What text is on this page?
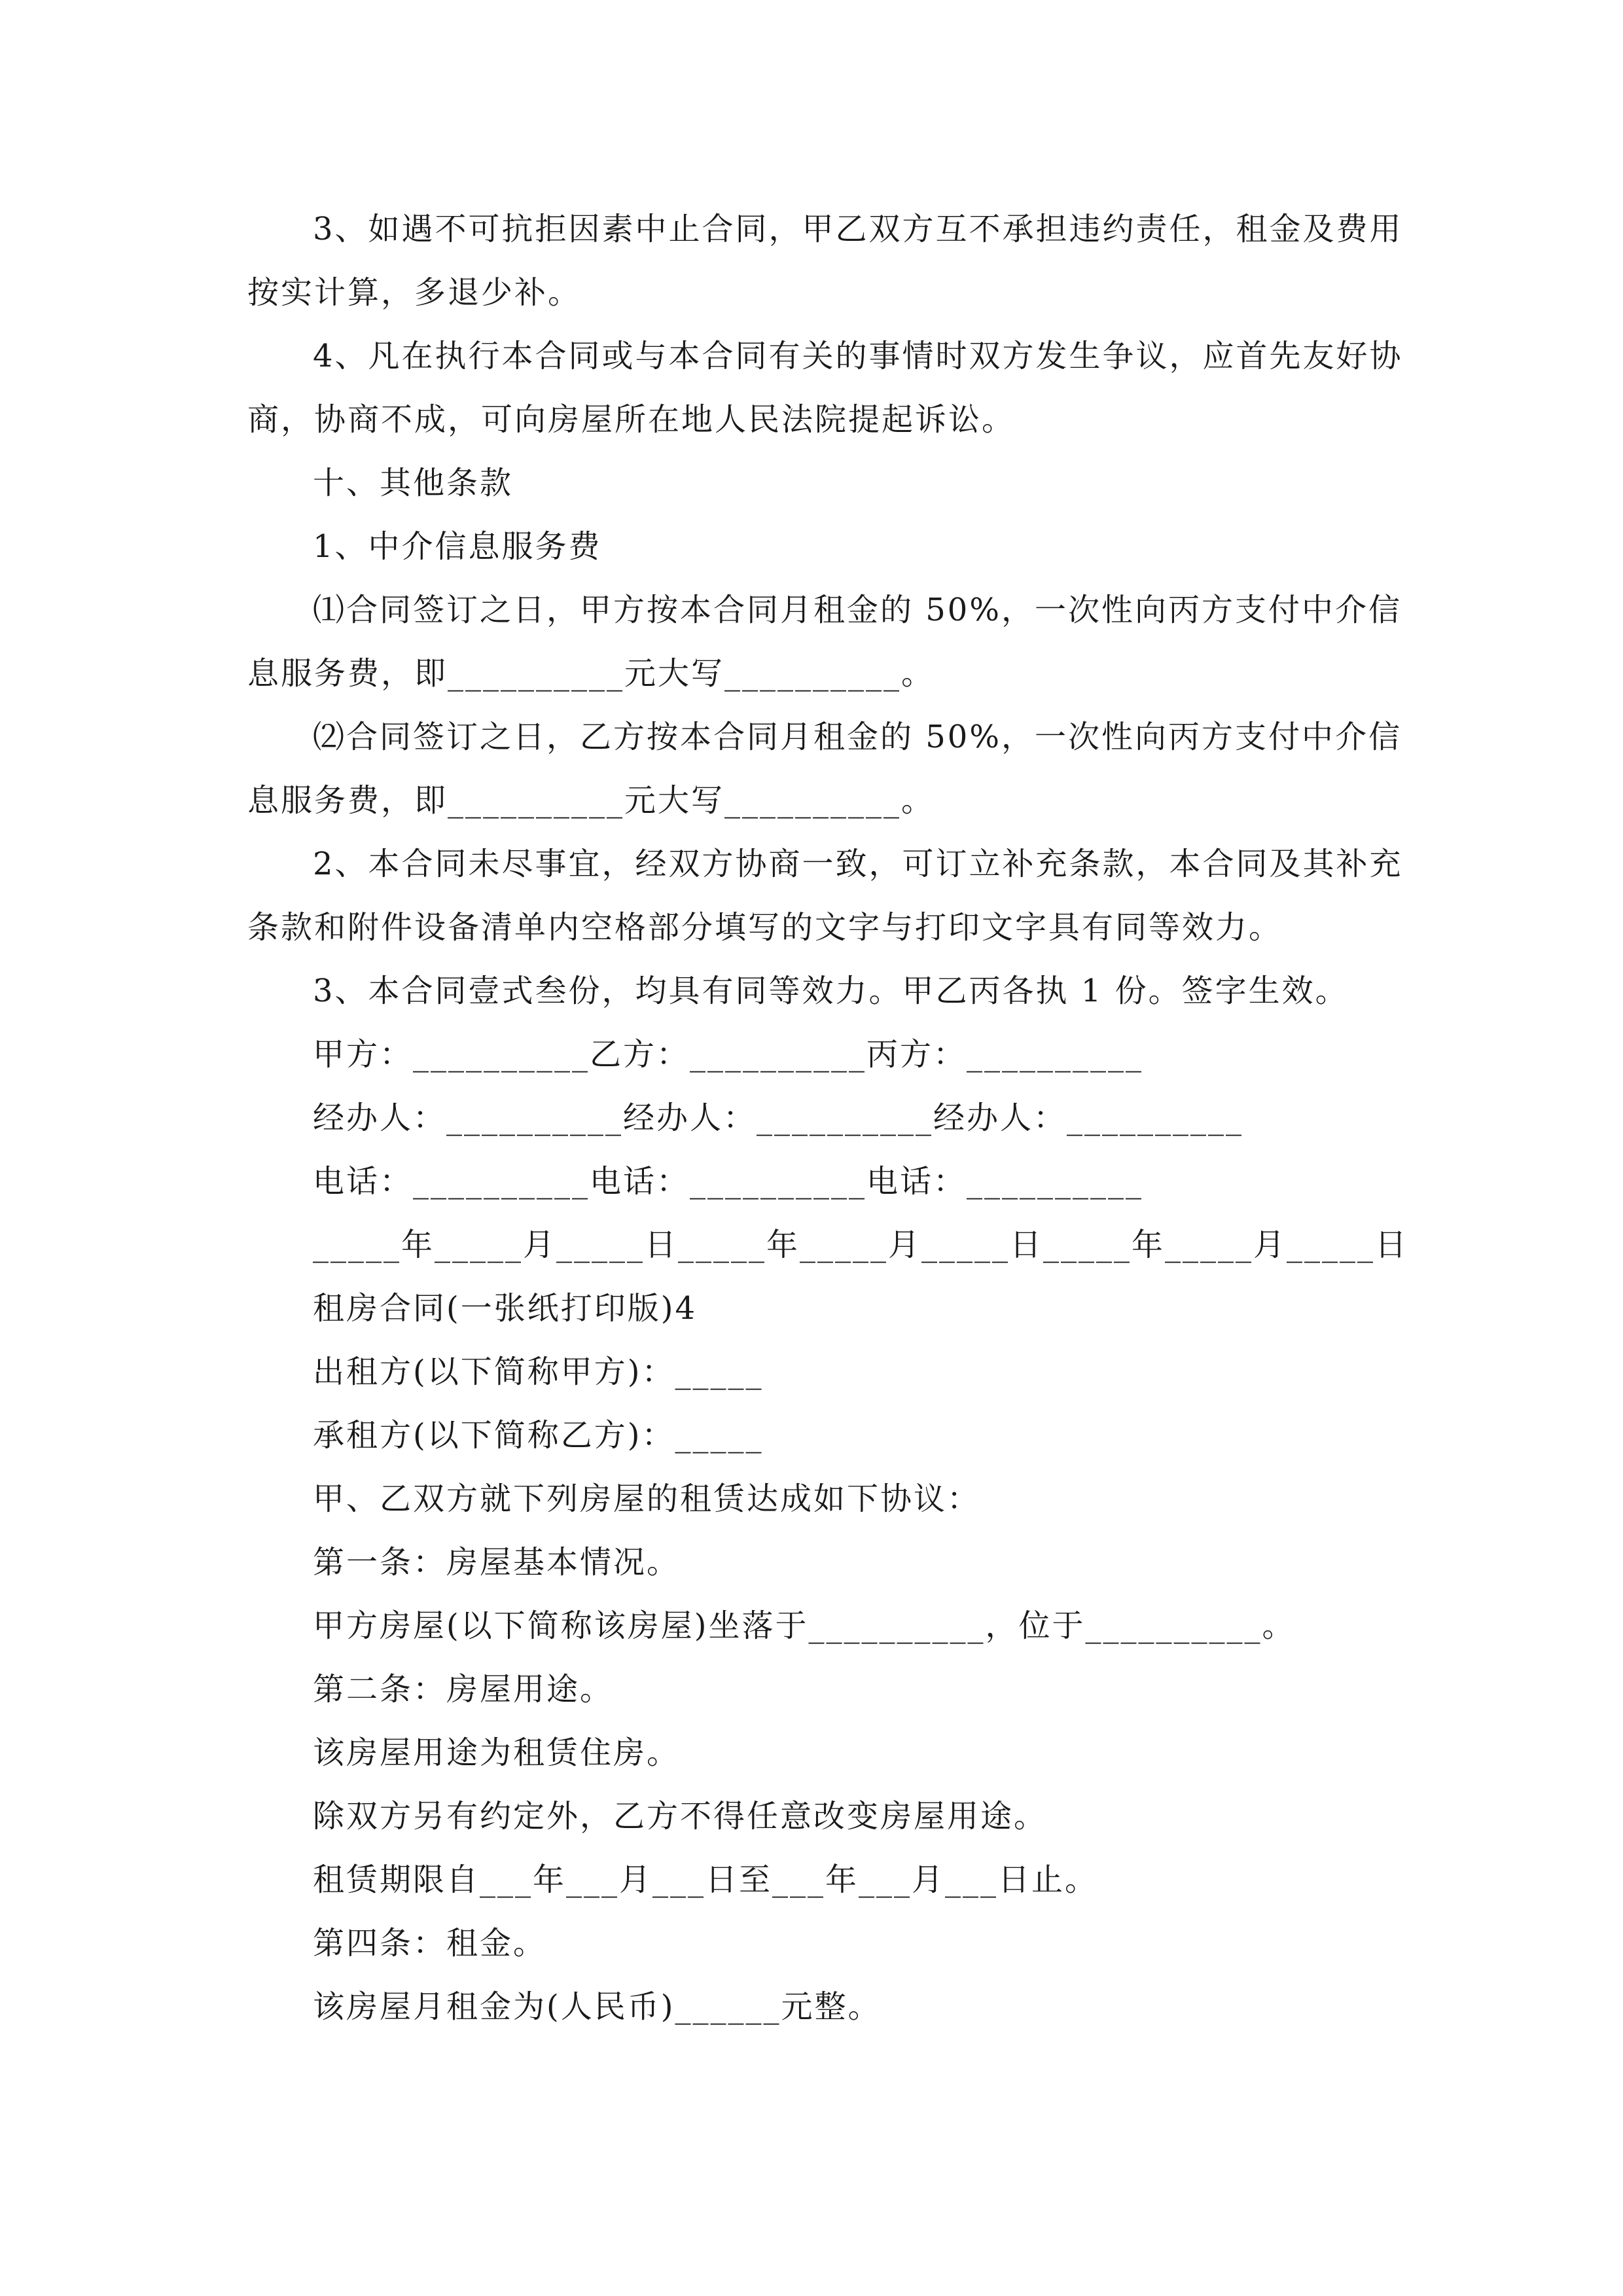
3、如遇不可抗拒因素中止合同，甲乙双方互不承担违约责任，租金及费用
按实计算，多退少补。
4、凡在执行本合同或与本合同有关的事情时双方发生争议，应首先友好协
商，协商不成，可向房屋所在地人民法院提起诉讼。
十、其他条款
1、中介信息服务费
⑴合同签订之日，甲方按本合同月租金的 50%，一次性向丙方支付中介信
息服务费，即__________元大写__________。
⑵合同签订之日，乙方按本合同月租金的 50%，一次性向丙方支付中介信
息服务费，即__________元大写__________。
2、本合同未尽事宜，经双方协商一致，可订立补充条款，本合同及其补充
条款和附件设备清单内空格部分填写的文字与打印文字具有同等效力。
3、本合同壹式叁份，均具有同等效力。甲乙丙各执 1 份。签字生效。
甲方：__________乙方：__________丙方：__________
经办人：__________经办人：__________经办人：__________
电话：__________电话：__________电话：__________
_____年_____月_____日_____年_____月_____日_____年_____月_____日
租房合同(一张纸打印版)4
出租方(以下简称甲方)：_____
承租方(以下简称乙方)：_____
甲、乙双方就下列房屋的租赁达成如下协议：
第一条：房屋基本情况。
甲方房屋(以下简称该房屋)坐落于__________，位于__________。
第二条：房屋用途。
该房屋用途为租赁住房。
除双方另有约定外，乙方不得任意改变房屋用途。
租赁期限自___年___月___日至___年___月___日止。
第四条：租金。
该房屋月租金为(人民币)______元整。
